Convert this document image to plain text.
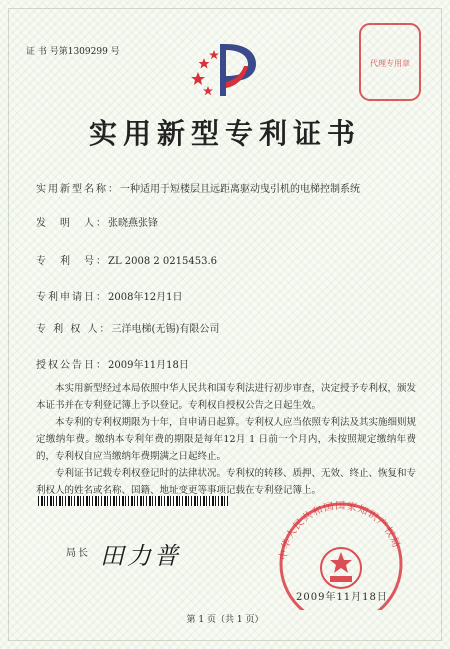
证 书 号第1309299 号
代理专用章
实用新型专利证书
实用新型名称：一种适用于短楼层且远距离驱动曳引机的电梯控制系统
发　明　人：张晓燕张锋
专　利　号：ZL 2008 2 0215453.6
专利申请日：2008年12月1日
专 利 权 人：三洋电梯(无锡)有限公司
授权公告日：2009年11月18日
本实用新型经过本局依照中华人民共和国专利法进行初步审查，决定授予专利权，颁发本证书并在专利登记簿上予以登记。专利权自授权公告之日起生效。
本专利的专利权期限为十年，自申请日起算。专利权人应当依照专利法及其实施细则规定缴纳年费。缴纳本专利年费的期限是每年12月 1 日前一个月内，未按照规定缴纳年费的，专利权自应当缴纳年费期满之日起终止。
专利证书记载专利权登记时的法律状况。专利权的转移、质押、无效、终止、恢复和专利权人的姓名或名称、国籍、地址变更等事项记载在专利登记簿上。
局长 田力普	中华人民共和国国家知识产权局
2009年11月18日
第 1 页（共 1 页）
